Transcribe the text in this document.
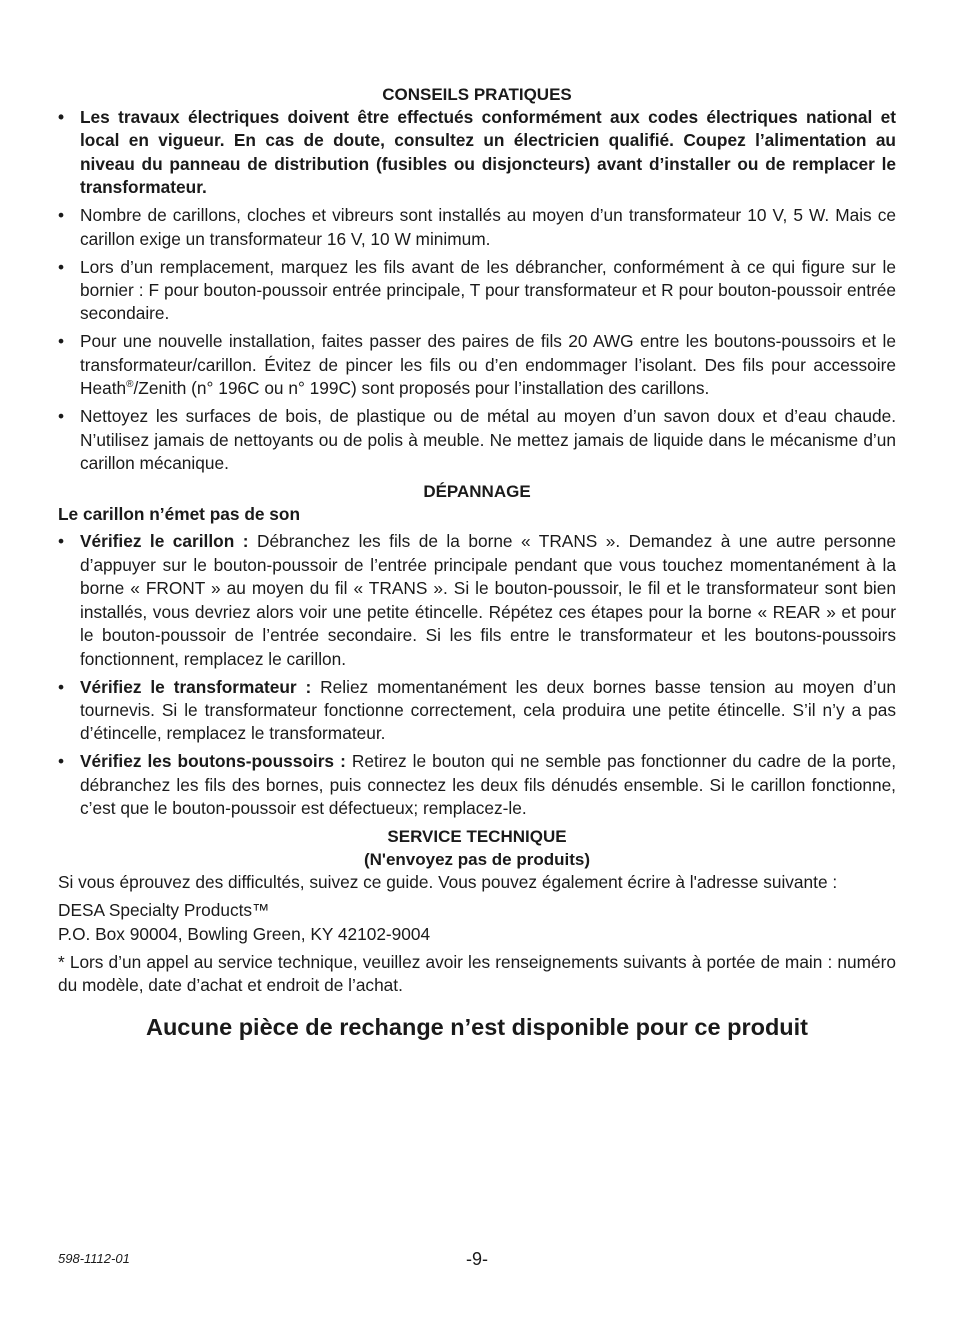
CONSEILS PRATIQUES
• Les travaux électriques doivent être effectués conformément aux codes électriques national et local en vigueur. En cas de doute, consultez un électricien qualifié. Coupez l’alimentation au niveau du panneau de distribution (fusibles ou disjoncteurs) avant d’installer ou de remplacer le transformateur.
• Nombre de carillons, cloches et vibreurs sont installés au moyen d’un transformateur 10 V, 5 W. Mais ce carillon exige un transformateur 16 V, 10 W minimum.
• Lors d’un remplacement, marquez les fils avant de les débrancher, conformément à ce qui figure sur le bornier : F pour bouton-poussoir entrée principale, T pour transformateur et R pour bouton-poussoir entrée secondaire.
• Pour une nouvelle installation, faites passer des paires de fils 20 AWG entre les boutons-poussoirs et le transformateur/carillon. Évitez de pincer les fils ou d’en endommager l’isolant. Des fils pour accessoire Heath®/Zenith (n° 196C ou n° 199C) sont proposés pour l’installation des carillons.
• Nettoyez les surfaces de bois, de plastique ou de métal au moyen d’un savon doux et d’eau chaude. N’utilisez jamais de nettoyants ou de polis à meuble. Ne mettez jamais de liquide dans le mécanisme d’un carillon mécanique.
DÉPANNAGE

Le carillon n’émet pas de son

• Vérifiez le carillon : Débranchez les fils de la borne « TRANS ». Demandez à une autre personne d’appuyer sur le bouton-poussoir de l’entrée principale pendant que vous touchez momentanément à la borne « FRONT » au moyen du fil « TRANS ». Si le bouton-poussoir, le fil et le transformateur sont bien installés, vous devriez alors voir une petite étincelle. Répétez ces étapes pour la borne « REAR » et pour le bouton-poussoir de l’entrée secondaire. Si les fils entre le transformateur et les boutons-poussoirs fonctionnent, remplacez le carillon.
• Vérifiez le transformateur : Reliez momentanément les deux bornes basse tension au moyen d’un tournevis. Si le transformateur fonctionne correctement, cela produira une petite étincelle. S’il n’y a pas d’étincelle, remplacez le transformateur.
• Vérifiez les boutons-poussoirs : Retirez le bouton qui ne semble pas fonctionner du cadre de la porte, débranchez les fils des bornes, puis connectez les deux fils dénudés ensemble. Si le carillon fonctionne, c’est que le bouton-poussoir est défectueux; remplacez-le.
SERVICE TECHNIQUE
(N'envoyez pas de produits)

Si vous éprouvez des difficultés, suivez ce guide. Vous pouvez également écrire à l'adresse suivante :

DESA Specialty Products™

P.O. Box 90004, Bowling Green, KY 42102-9004

* Lors d’un appel au service technique, veuillez avoir les renseignements suivants à portée de main : numéro du modèle, date d’achat et endroit de l’achat.

Aucune pièce de rechange n’est disponible pour ce produit
598-1112-01	-9-
